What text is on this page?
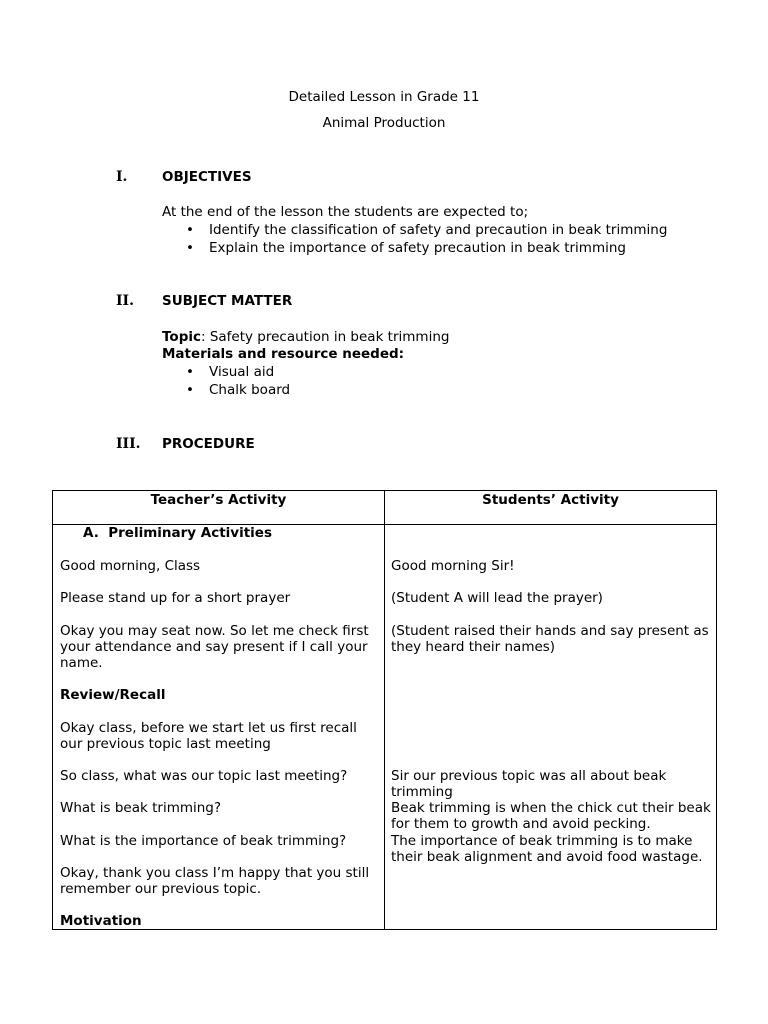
Detailed Lesson in Grade 11
Animal Production
I.	OBJECTIVES
At the end of the lesson the students are expected to;
• Identify the classification of safety and precaution in beak trimming
• Explain the importance of safety precaution in beak trimming
II. SUBJECT MATTER
Topic: Safety precaution in beak trimming
Materials and resource needed:
• Visual aid
• Chalk board
III. PROCEDURE
Teacher’s Activity	Students’ Activity
A. Preliminary Activities
Good morning, Class
Please stand up for a short prayer
Okay you may seat now. So let me check first your attendance and say present if I call your name.
Review/Recall
Okay class, before we start let us first recall our previous topic last meeting
So class, what was our topic last meeting?
What is beak trimming?
What is the importance of beak trimming?
Okay, thank you class I’m happy that you still remember our previous topic.
Motivation
Good morning Sir!
(Student A will lead the prayer)
(Student raised their hands and say present as they heard their names)
Sir our previous topic was all about beak trimming
Beak trimming is when the chick cut their beak for them to growth and avoid pecking.
The importance of beak trimming is to make their beak alignment and avoid food wastage.
